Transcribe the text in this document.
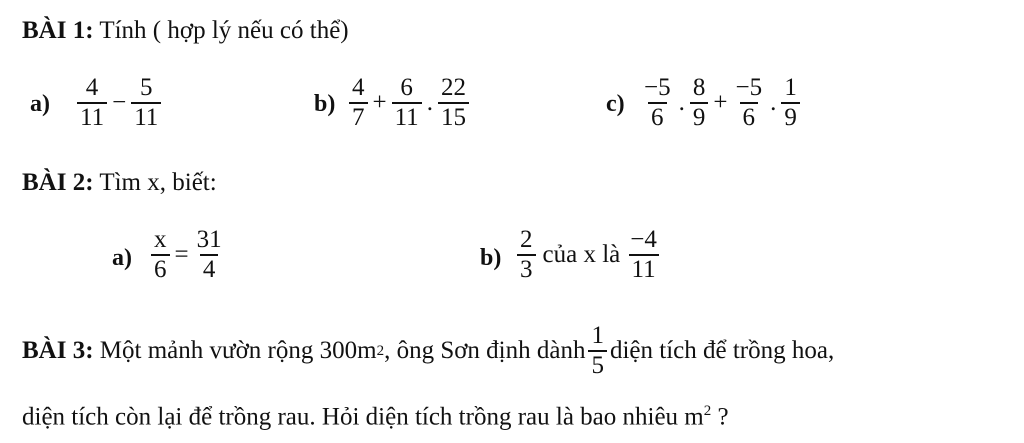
BÀI 1: Tính ( hợp lý nếu có thể)
$a) \frac{4}{11} - \frac{5}{11}$	$b) \frac{4}{7} + \frac{6}{11}$ . $\frac{22}{15}$	$c) \frac{-5}{6}$ . $\frac{8}{9} + \frac{-5}{6}$ . $\frac{1}{9}$
BÀI 2: Tìm x, biết:
$a) \frac{x}{6} = \frac{31}{4}$	$b) \frac{2}{3}$ của x là $\frac{-4}{11}$
BÀI 3: Một mảnh vườn rộng 300m 2 , ông Sơn định dành $\frac{1}{5}$ diện tích để trồng hoa,
diện tích còn lại để trồng rau. Hỏi diện tích trồng rau là bao nhiêu $m^2$ ?
